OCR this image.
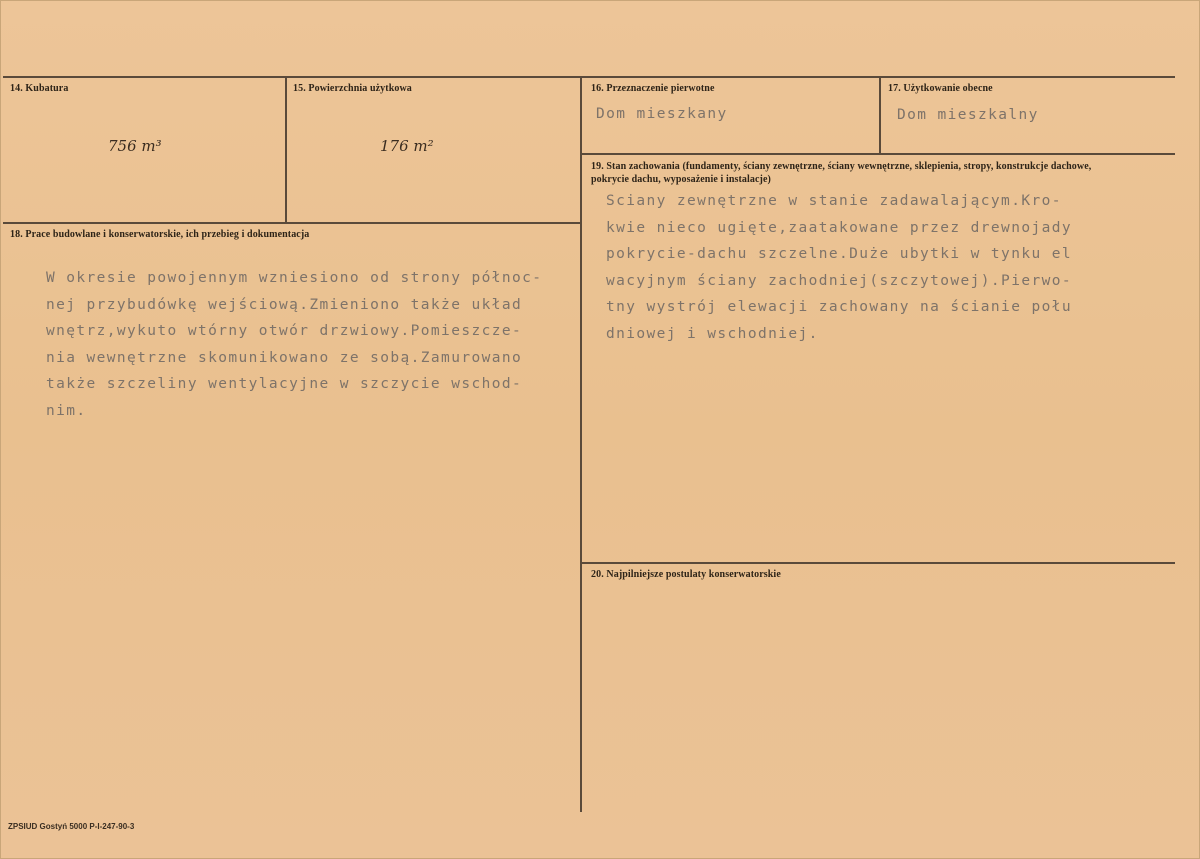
14. Kubatura
756 m³
15. Powierzchnia użytkowa
176 m²
16. Przeznaczenie pierwotne
Dom mieszkany
17. Użytkowanie obecne
Dom mieszkalny
18. Prace budowlane i konserwatorskie, ich przebieg i dokumentacja
W okresie powojennym wzniesiono od strony północ-
nej przybudówkę wejściową.Zmieniono także układ
wnętrz,wykuto wtórny otwór drzwiowy.Pomieszcze-
nia wewnętrzne skomunikowano ze sobą.Zamurowano
także szczeliny wentylacyjne w szczycie wschod-
nim.
19. Stan zachowania (fundamenty, ściany zewnętrzne, ściany wewnętrzne, sklepienia, stropy, konstrukcje dachowe, pokrycie dachu, wyposażenie i instalacje)
Sciany zewnętrzne w stanie zadawalającym.Kro-
kwie nieco ugięte,zaatakowane przez drewnojady
pokrycie-dachu szczelne.Duże ubytki w tynku el
wacyjnym ściany zachodniej(szczytowej).Pierwo-
tny wystrój elewacji zachowany na ścianie połu
dniowej i wschodniej.
20. Najpilniejsze postulaty konserwatorskie
ZPSIUD Gostyń 5000 P-I-247-90-3
